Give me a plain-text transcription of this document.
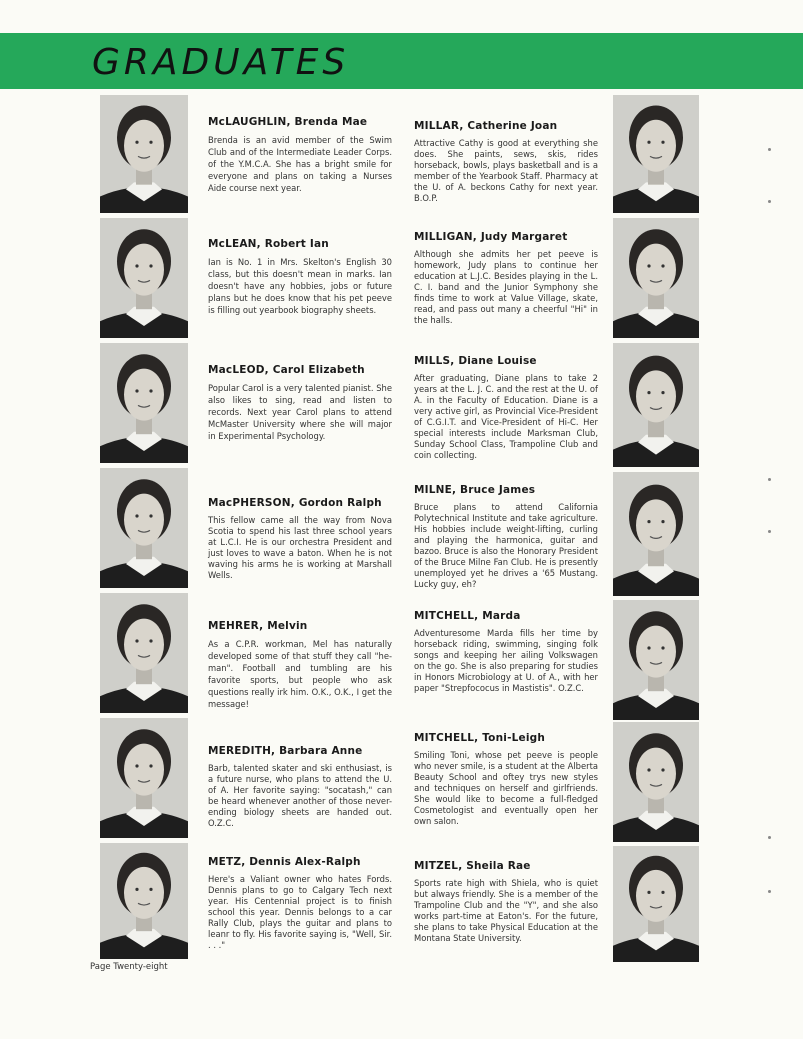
GRADUATES

McLAUGHLIN, Brenda Mae

Brenda is an avid member of the Swim Club and of the Intermediate Leader Corps. of the Y.M.C.A. She has a bright smile for everyone and plans on taking a Nurses Aide course next year.

McLEAN, Robert Ian

Ian is No. 1 in Mrs. Skelton's English 30 class, but this doesn't mean in marks. Ian doesn't have any hobbies, jobs or future plans but he does know that his pet peeve is filling out yearbook biography sheets.

MacLEOD, Carol Elizabeth

Popular Carol is a very talented pianist. She also likes to sing, read and listen to records. Next year Carol plans to attend McMaster University where she will major in Experimental Psychology.

MacPHERSON, Gordon Ralph

This fellow came all the way from Nova Scotia to spend his last three school years at L.C.I. He is our orchestra President and just loves to wave a baton. When he is not waving his arms he is working at Marshall Wells.

MEHRER, Melvin

As a C.P.R. workman, Mel has naturally developed some of that stuff they call "he-man". Football and tumbling are his favorite sports, but people who ask questions really irk him. O.K., O.K., I get the message!

MEREDITH, Barbara Anne

Barb, talented skater and ski enthusiast, is a future nurse, who plans to attend the U. of A. Her favorite saying: "socatash," can be heard whenever another of those never-ending biology sheets are handed out. O.Z.C.

METZ, Dennis Alex-Ralph

Here's a Valiant owner who hates Fords. Dennis plans to go to Calgary Tech next year. His Centennial project is to finish school this year. Dennis belongs to a car Rally Club, plays the guitar and plans to leanr to fly. His favorite saying is, "Well, Sir. . . ."

MILLAR, Catherine Joan

Attractive Cathy is good at everything she does. She paints, sews, skis, rides horseback, bowls, plays basketball and is a member of the Yearbook Staff. Pharmacy at the U. of A. beckons Cathy for next year. B.O.P.

MILLIGAN, Judy Margaret

Although she admits her pet peeve is homework, Judy plans to continue her education at L.J.C. Besides playing in the L. C. I. band and the Junior Symphony she finds time to work at Value Village, skate, read, and pass out many a cheerful "Hi" in the halls.

MILLS, Diane Louise

After graduating, Diane plans to take 2 years at the L. J. C. and the rest at the U. of A. in the Faculty of Education. Diane is a very active girl, as Provincial Vice-President of C.G.I.T. and Vice-President of Hi-C. Her special interests include Marksman Club, Sunday School Class, Trampoline Club and coin collecting.

MILNE, Bruce James

Bruce plans to attend California Polytechnical Institute and take agriculture. His hobbies include weight-lifting, curling and playing the harmonica, guitar and bazoo. Bruce is also the Honorary President of the Bruce Milne Fan Club. He is presently unemployed yet he drives a '65 Mustang. Lucky guy, eh?

MITCHELL, Marda

Adventuresome Marda fills her time by horseback riding, swimming, singing folk songs and keeping her ailing Volkswagen on the go. She is also preparing for studies in Honors Microbiology at U. of A., with her paper "Strepfococus in Mastistis". O.Z.C.

MITCHELL, Toni-Leigh

Smiling Toni, whose pet peeve is people who never smile, is a student at the Alberta Beauty School and oftey trys new styles and techniques on herself and girlfriends. She would like to become a full-fledged Cosmetologist and eventually open her own salon.

MITZEL, Sheila Rae

Sports rate high with Shiela, who is quiet but always friendly. She is a member of the Trampoline Club and the "Y", and she also works part-time at Eaton's. For the future, she plans to take Physical Education at the Montana State University.

Page Twenty-eight
